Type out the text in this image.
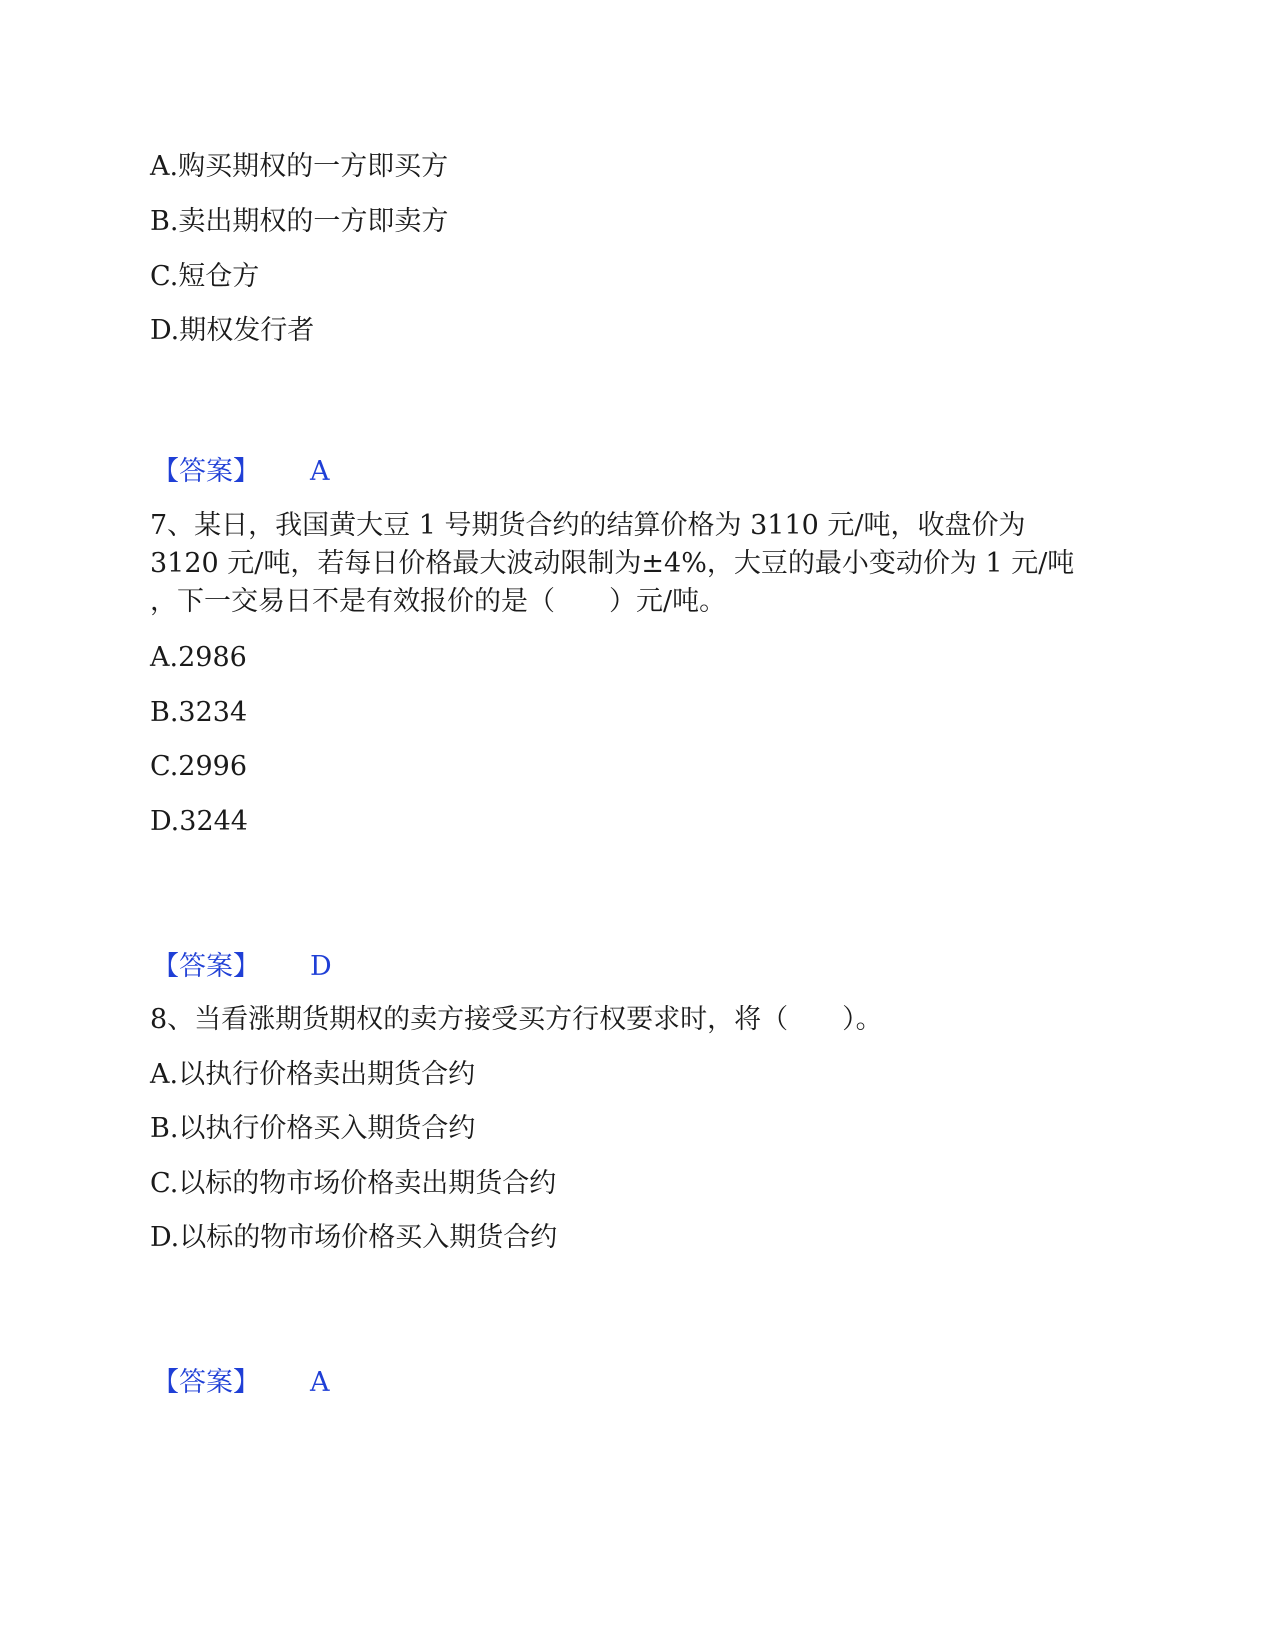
A.购买期权的一方即买方
B.卖出期权的一方即卖方
C.短仓方
D.期权发行者
【答案】 A
7、某日，我国黄大豆 1 号期货合约的结算价格为 3110 元/吨，收盘价为
3120 元/吨，若每日价格最大波动限制为±4%，大豆的最小变动价为 1 元/吨
，下一交易日不是有效报价的是（　　）元/吨。
A.2986
B.3234
C.2996
D.3244
【答案】 D
8、当看涨期货期权的卖方接受买方行权要求时，将（　　）。
A.以执行价格卖出期货合约
B.以执行价格买入期货合约
C.以标的物市场价格卖出期货合约
D.以标的物市场价格买入期货合约
【答案】 A
